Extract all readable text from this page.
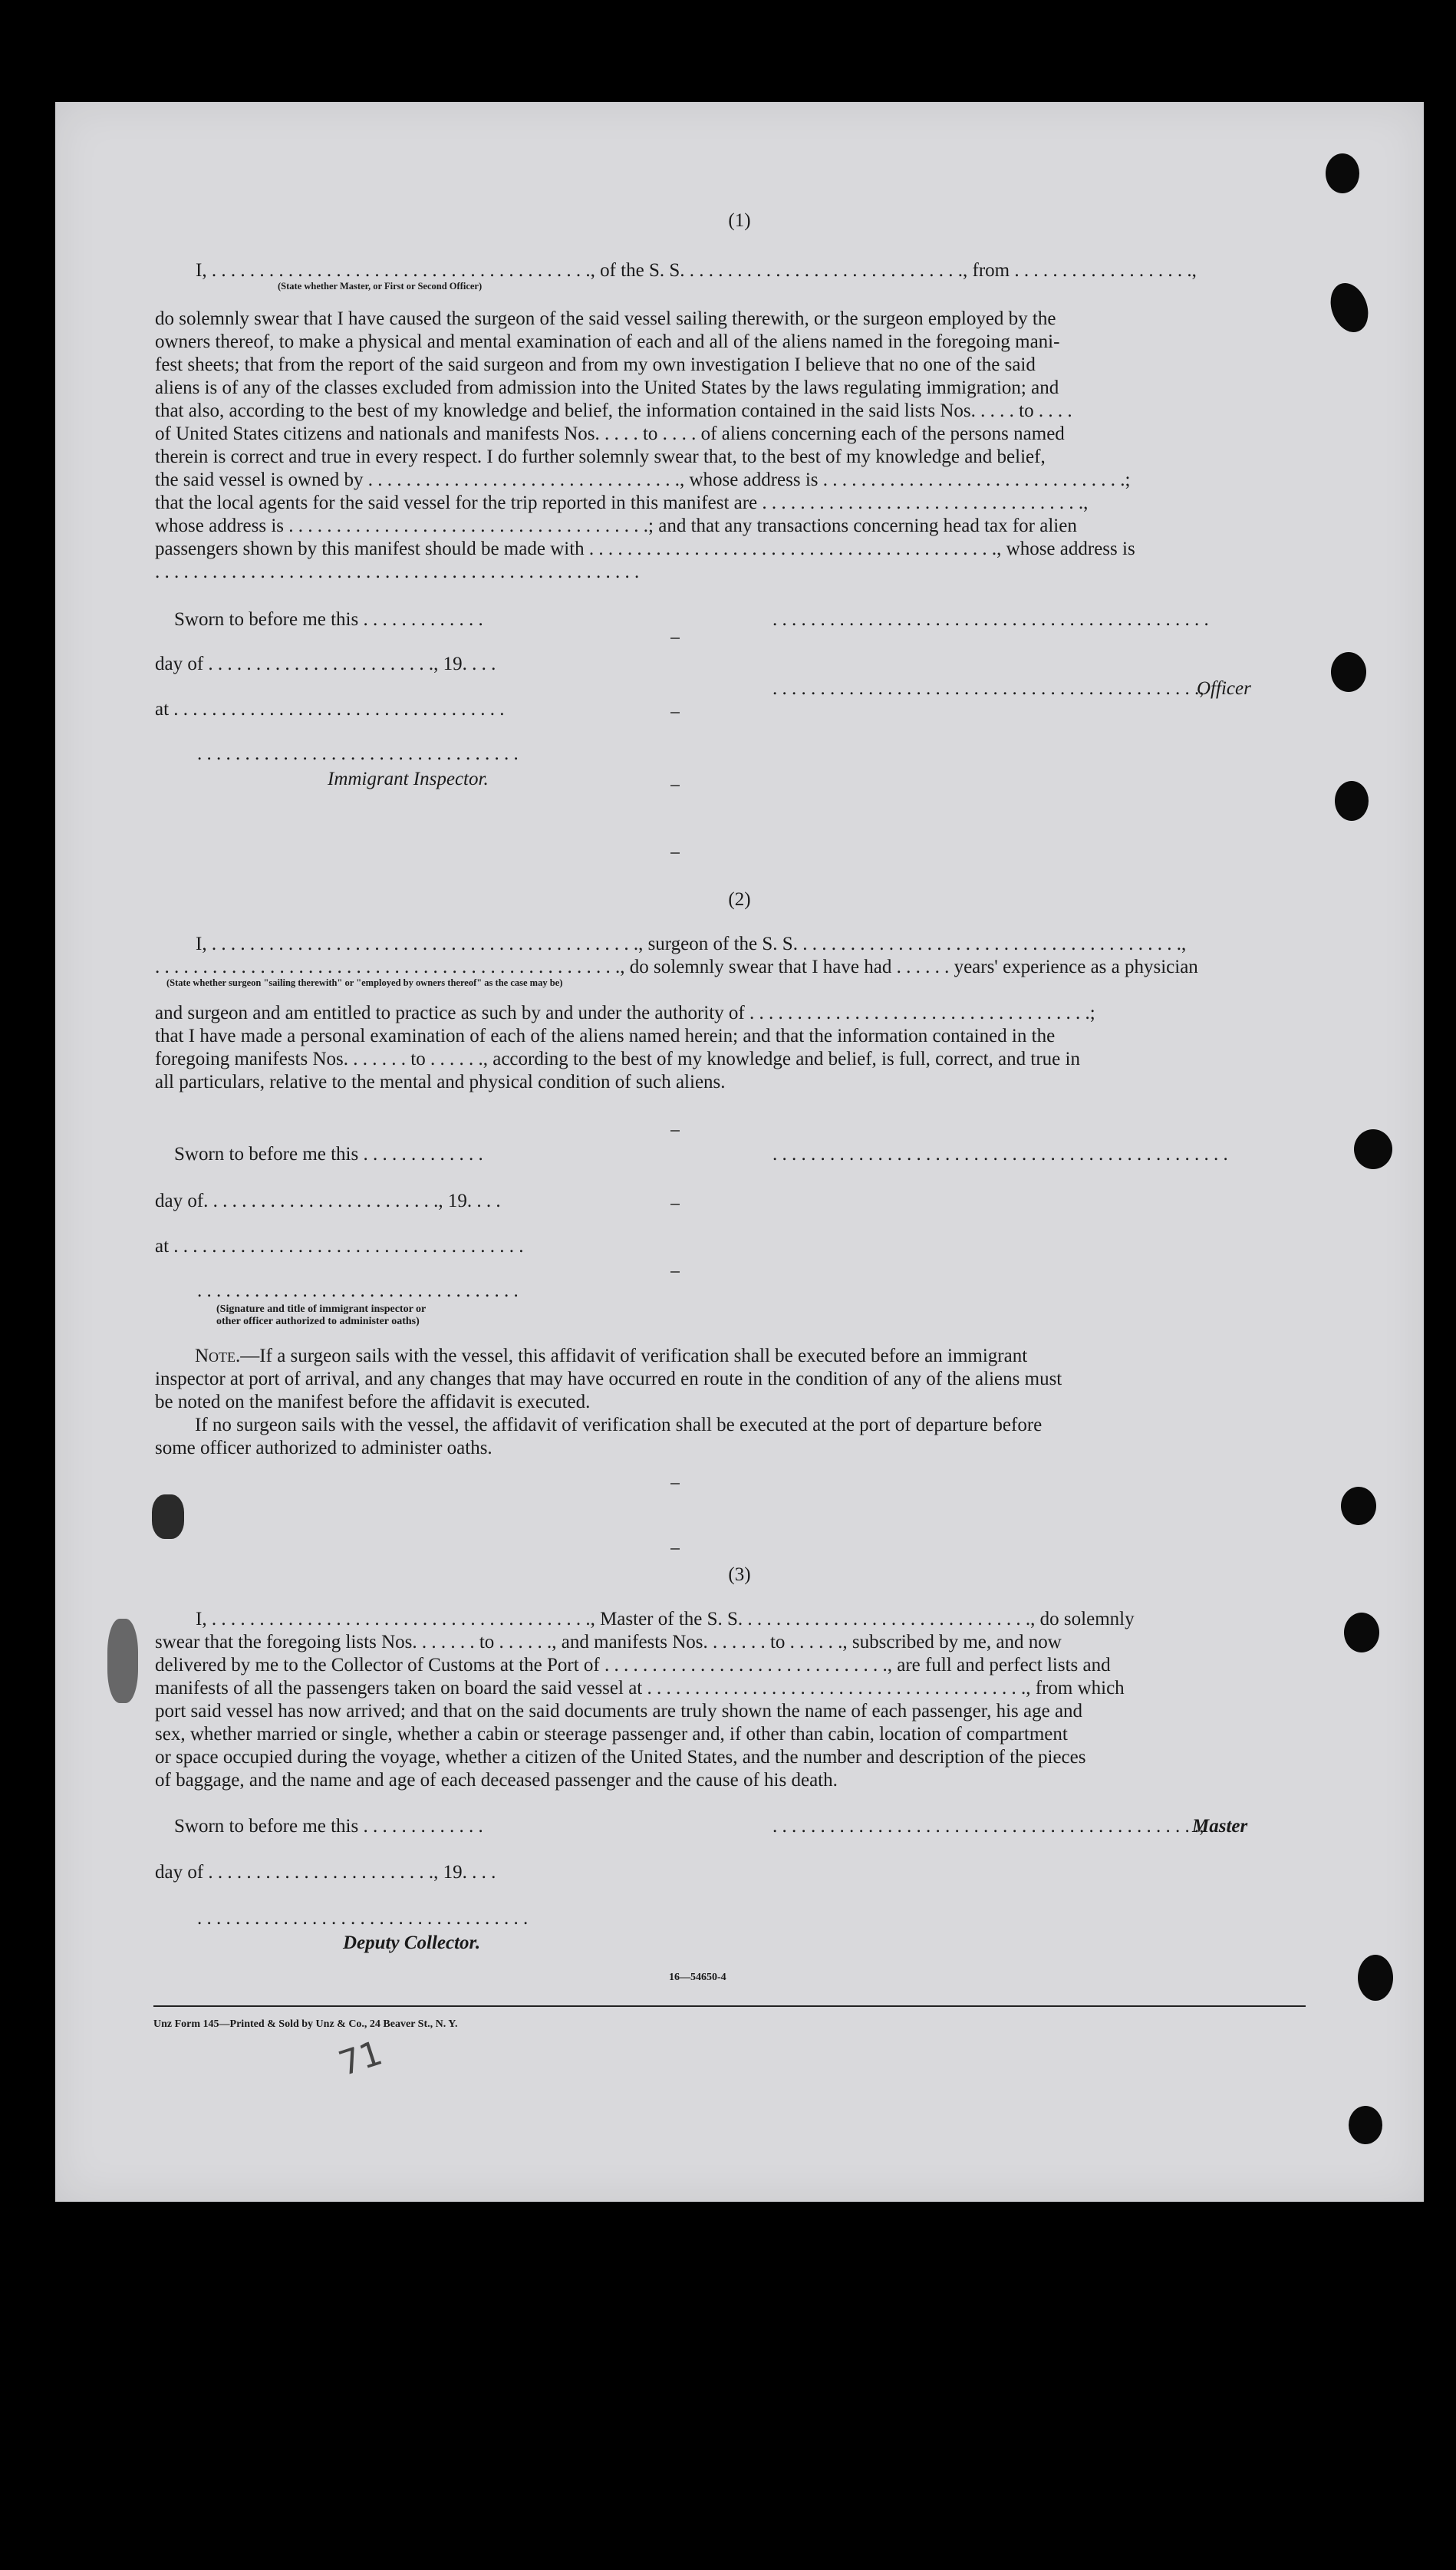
(1)
I, . . . . . . . . . . . . . . . . . . . . . . . . . . . . . . . . . . . . . . . ., of the S. S. . . . . . . . . . . . . . . . . . . . . . . . . . . . . ., from . . . . . . . . . . . . . . . . . . .,
(State whether Master, or First or Second Officer)
do solemnly swear that I have caused the surgeon of the said vessel sailing therewith, or the surgeon employed by the
owners thereof, to make a physical and mental examination of each and all of the aliens named in the foregoing mani-
fest sheets; that from the report of the said surgeon and from my own investigation I believe that no one of the said
aliens is of any of the classes excluded from admission into the United States by the laws regulating immigration; and
that also, according to the best of my knowledge and belief, the information contained in the said lists Nos. . . . . to . . . .
of United States citizens and nationals and manifests Nos. . . . . to . . . . of aliens concerning each of the persons named
therein is correct and true in every respect. I do further solemnly swear that, to the best of my knowledge and belief,
the said vessel is owned by . . . . . . . . . . . . . . . . . . . . . . . . . . . . . . . . ., whose address is . . . . . . . . . . . . . . . . . . . . . . . . . . . . . . . .;
that the local agents for the said vessel for the trip reported in this manifest are . . . . . . . . . . . . . . . . . . . . . . . . . . . . . . . . . .,
whose address is . . . . . . . . . . . . . . . . . . . . . . . . . . . . . . . . . . . . . .; and that any transactions concerning head tax for alien
passengers shown by this manifest should be made with . . . . . . . . . . . . . . . . . . . . . . . . . . . . . . . . . . . . . . . . . . ., whose address is
. . . . . . . . . . . . . . . . . . . . . . . . . . . . . . . . . . . . . . . . . . . . . . . . . . .
Sworn to before me this . . . . . . . . . . . . .
day of . . . . . . . . . . . . . . . . . . . . . . . ., 19. . . .
at . . . . . . . . . . . . . . . . . . . . . . . . . . . . . . . . . . .
. . . . . . . . . . . . . . . . . . . . . . . . . . . . . . . . . .
Immigrant Inspector.
. . . . . . . . . . . . . . . . . . . . . . . . . . . . . . . . . . . . . . . . . . . . . .
. . . . . . . . . . . . . . . . . . . . . . . . . . . . . . . . . . . . . . . . . . . . .,
Officer
(2)
I, . . . . . . . . . . . . . . . . . . . . . . . . . . . . . . . . . . . . . . . . . . . . ., surgeon of the S. S. . . . . . . . . . . . . . . . . . . . . . . . . . . . . . . . . . . . . . . . .,
. . . . . . . . . . . . . . . . . . . . . . . . . . . . . . . . . . . . . . . . . . . . . . . . ., do solemnly swear that I have had . . . . . . years' experience as a physician
(State whether surgeon "sailing therewith" or "employed by owners thereof" as the case may be)
and surgeon and am entitled to practice as such by and under the authority of . . . . . . . . . . . . . . . . . . . . . . . . . . . . . . . . . . . .;
that I have made a personal examination of each of the aliens named herein; and that the information contained in the
foregoing manifests Nos. . . . . . . to . . . . . ., according to the best of my knowledge and belief, is full, correct, and true in
all particulars, relative to the mental and physical condition of such aliens.
Sworn to before me this . . . . . . . . . . . . .
day of. . . . . . . . . . . . . . . . . . . . . . . . ., 19. . . .
at . . . . . . . . . . . . . . . . . . . . . . . . . . . . . . . . . . . . .
. . . . . . . . . . . . . . . . . . . . . . . . . . . . . . . . . .
(Signature and title of immigrant inspector or
other officer authorized to administer oaths)
. . . . . . . . . . . . . . . . . . . . . . . . . . . . . . . . . . . . . . . . . . . . . . . .
Note.—If a surgeon sails with the vessel, this affidavit of verification shall be executed before an immigrant
inspector at port of arrival, and any changes that may have occurred en route in the condition of any of the aliens must
be noted on the manifest before the affidavit is executed.
If no surgeon sails with the vessel, the affidavit of verification shall be executed at the port of departure before
some officer authorized to administer oaths.
(3)
I, . . . . . . . . . . . . . . . . . . . . . . . . . . . . . . . . . . . . . . . ., Master of the S. S. . . . . . . . . . . . . . . . . . . . . . . . . . . . . . ., do solemnly
swear that the foregoing lists Nos. . . . . . . to . . . . . ., and manifests Nos. . . . . . . to . . . . . ., subscribed by me, and now
delivered by me to the Collector of Customs at the Port of . . . . . . . . . . . . . . . . . . . . . . . . . . . . . ., are full and perfect lists and
manifests of all the passengers taken on board the said vessel at . . . . . . . . . . . . . . . . . . . . . . . . . . . . . . . . . . . . . . . ., from which
port said vessel has now arrived; and that on the said documents are truly shown the name of each passenger, his age and
sex, whether married or single, whether a cabin or steerage passenger and, if other than cabin, location of compartment
or space occupied during the voyage, whether a citizen of the United States, and the number and description of the pieces
of baggage, and the name and age of each deceased passenger and the cause of his death.
Sworn to before me this . . . . . . . . . . . . .
day of . . . . . . . . . . . . . . . . . . . . . . . ., 19. . . .
. . . . . . . . . . . . . . . . . . . . . . . . . . . . . . . . . . .
Deputy Collector.
. . . . . . . . . . . . . . . . . . . . . . . . . . . . . . . . . . . . . . . . . . . . .,
Master
16—54650-4
Unz Form 145—Printed & Sold by Unz & Co., 24 Beaver St., N. Y.
71
